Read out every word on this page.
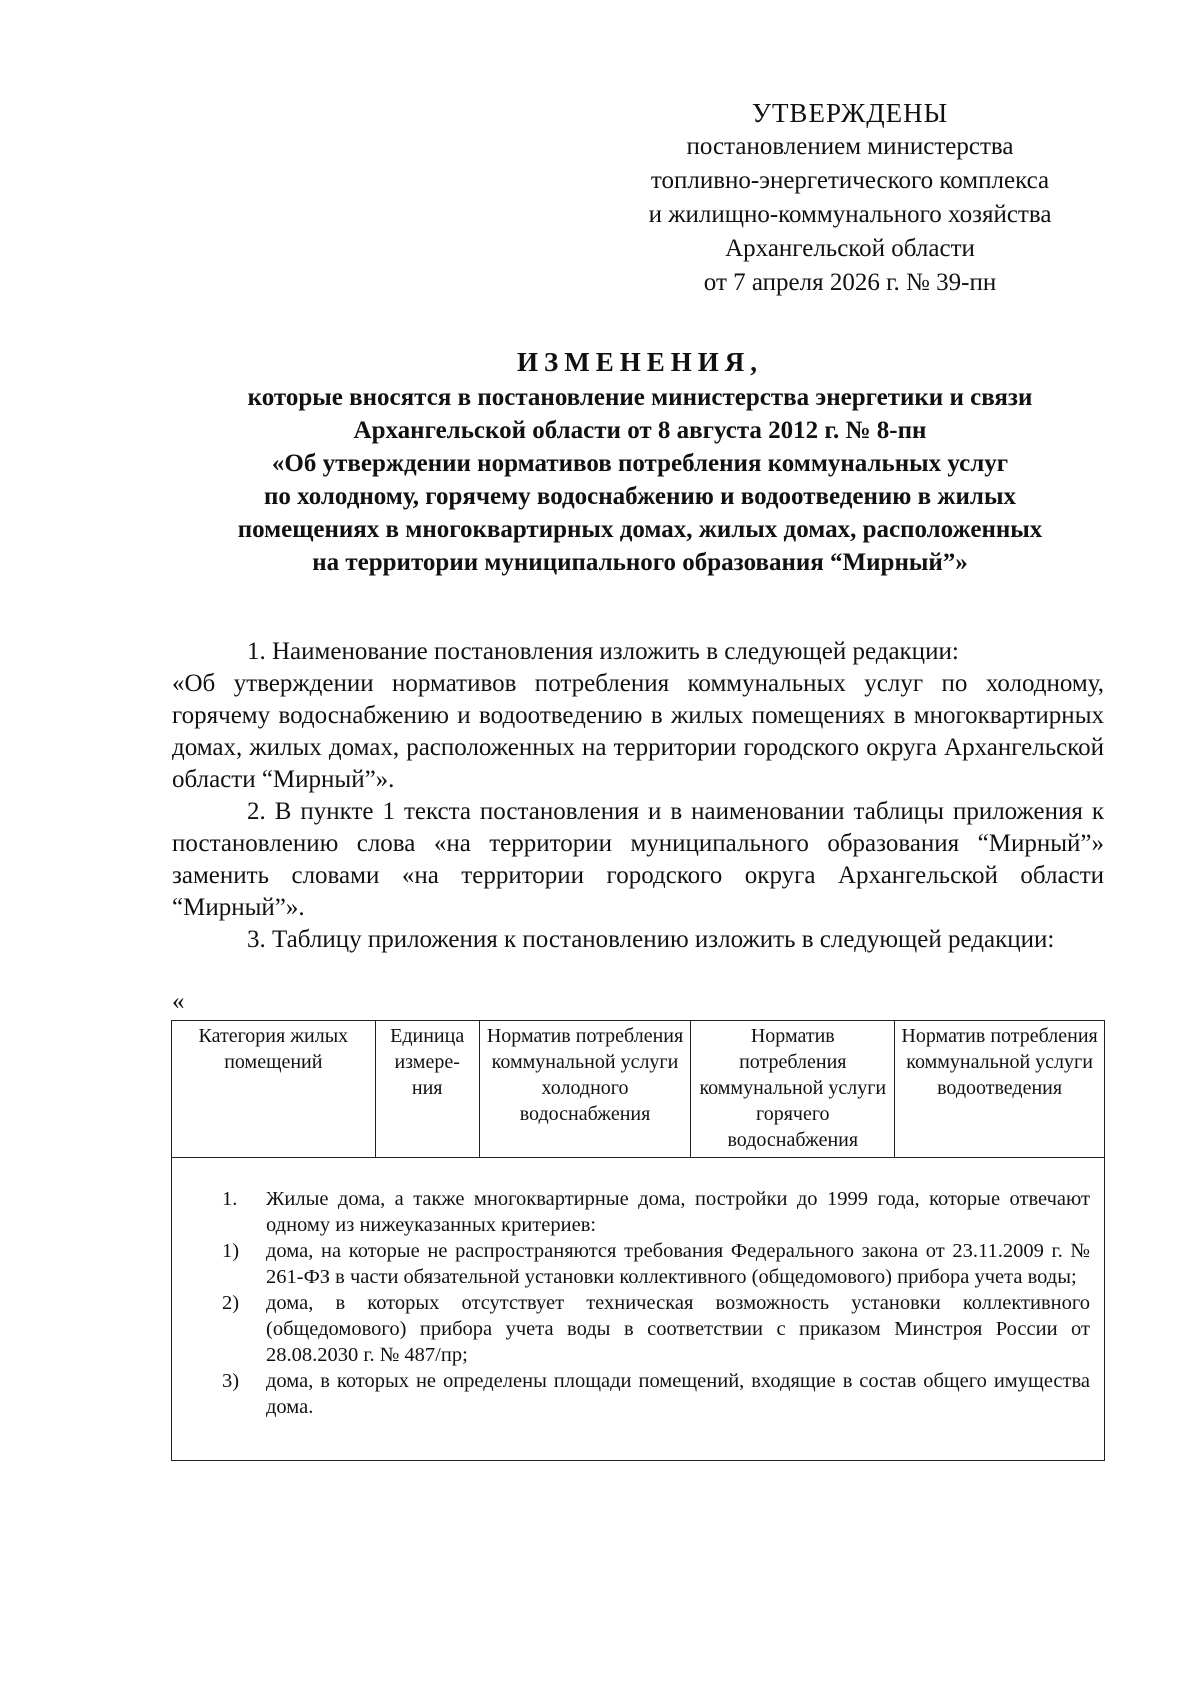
УТВЕРЖДЕНЫ
постановлением министерства
топливно-энергетического комплекса
и жилищно-коммунального хозяйства
Архангельской области
от 7 апреля 2026 г. № 39-пн
ИЗМЕНЕНИЯ,
которые вносятся в постановление министерства энергетики и связи
Архангельской области от 8 августа 2012 г. № 8-пн
«Об утверждении нормативов потребления коммунальных услуг
по холодному, горячему водоснабжению и водоотведению в жилых
помещениях в многоквартирных домах, жилых домах, расположенных
на территории муниципального образования “Мирный”»

1. Наименование постановления изложить в следующей редакции:

«Об утверждении нормативов потребления коммунальных услуг по холодному, горячему водоснабжению и водоотведению в жилых помещениях в многоквартирных домах, жилых домах, расположенных на территории городского округа Архангельской области “Мирный”».

2. В пункте 1 текста постановления и в наименовании таблицы приложения к постановлению слова «на территории муниципального образования “Мирный”» заменить словами «на территории городского округа Архангельской области “Мирный”».

3. Таблицу приложения к постановлению изложить в следующей редакции:

«
Категория жилых помещений	Единица измере-ния	Норматив потребления коммунальной услуги холодного водоснабжения	Норматив потребления коммунальной услуги горячего водоснабжения	Норматив потребления коммунальной услуги водоотведения

1.	Жилые дома, а также многоквартирные дома, постройки до 1999 года, которые отвечают одному из нижеуказанных критериев:
1)	дома, на которые не распространяются требования Федерального закона от 23.11.2009 г. № 261-ФЗ в части обязательной установки коллективного (общедомового) прибора учета воды;
2)	дома, в которых отсутствует техническая возможность установки коллективного (общедомового) прибора учета воды в соответствии с приказом Минстроя России от 28.08.2030 г. № 487/пр;
3)	дома, в которых не определены площади помещений, входящие в состав общего имущества дома.
